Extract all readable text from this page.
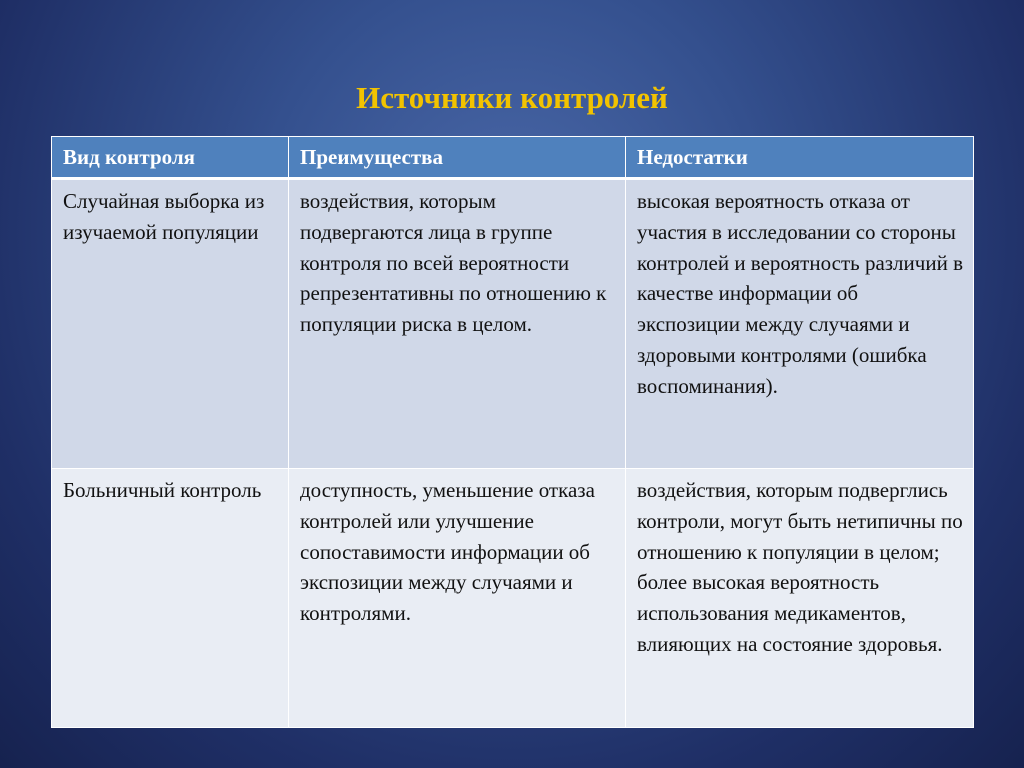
Источники контролей
Вид контроля	Преимущества	Недостатки
Случайная выборка из изучаемой популяции	воздействия, которым подвергаются лица в группе контроля по всей вероятности репрезентативны по отношению к популяции риска в целом.	высокая вероятность отказа от участия в исследовании со стороны контролей и вероятность различий в качестве информации об экспозиции между случаями и здоровыми контролями (ошибка воспоминания).
Больничный контроль	доступность, уменьшение отказа контролей или улучшение сопоставимости информации об экспозиции между случаями и контролями.	воздействия, которым подверглись контроли, могут быть нетипичны по отношению к популяции в целом; более высокая вероятность использования медикаментов, влияющих на состояние здоровья.
